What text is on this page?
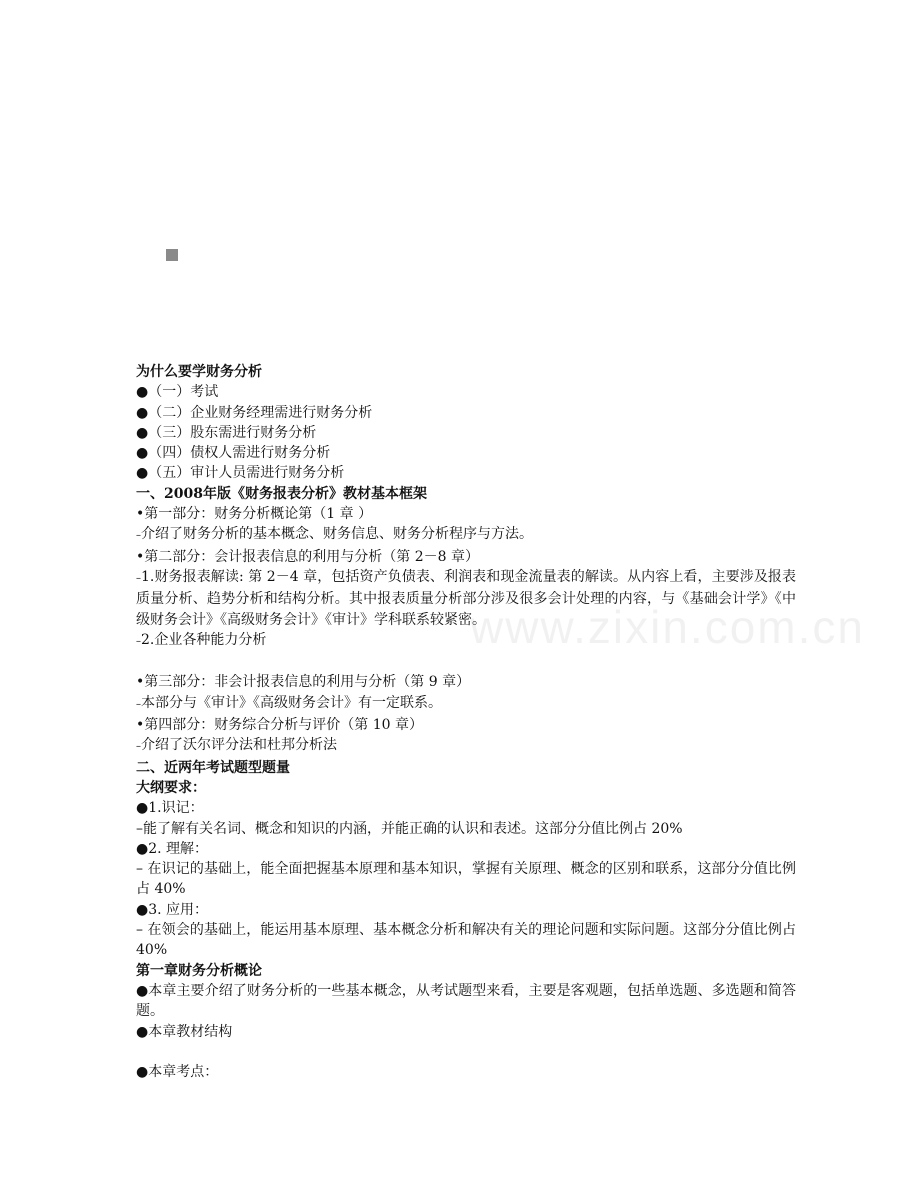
www.zixin.com.cn
为什么要学财务分析
●（一）考试
●（二）企业财务经理需进行财务分析
●（三）股东需进行财务分析
●（四）债权人需进行财务分析
●（五）审计人员需进行财务分析
一、2008年版《财务报表分析》教材基本框架
•第一部分：财务分析概论第（1 章 ）
–介绍了财务分析的基本概念、财务信息、财务分析程序与方法。
•第二部分：会计报表信息的利用与分析（第 2－8 章）
–1.财务报表解读: 第 2－4 章，包括资产负债表、利润表和现金流量表的解读。从内容上看，主要涉及报表质量分析、趋势分析和结构分析。其中报表质量分析部分涉及很多会计处理的内容，与《基础会计学》《中级财务会计》《高级财务会计》《审计》学科联系较紧密。
–2.企业各种能力分析
•第三部分：非会计报表信息的利用与分析（第 9 章）
–本部分与《审计》《高级财务会计》有一定联系。
•第四部分：财务综合分析与评价（第 10 章）
–介绍了沃尔评分法和杜邦分析法
二、近两年考试题型题量
大纲要求：
●1.识记：
–能了解有关名词、概念和知识的内涵，并能正确的认识和表述。这部分分值比例占 20%
●2. 理解：
– 在识记的基础上，能全面把握基本原理和基本知识，掌握有关原理、概念的区别和联系，这部分分值比例占 40%
●3. 应用：
– 在领会的基础上，能运用基本原理、基本概念分析和解决有关的理论问题和实际问题。这部分分值比例占 40%
第一章财务分析概论
●本章主要介绍了财务分析的一些基本概念，从考试题型来看，主要是客观题，包括单选题、多选题和简答题。
●本章教材结构
●本章考点：
